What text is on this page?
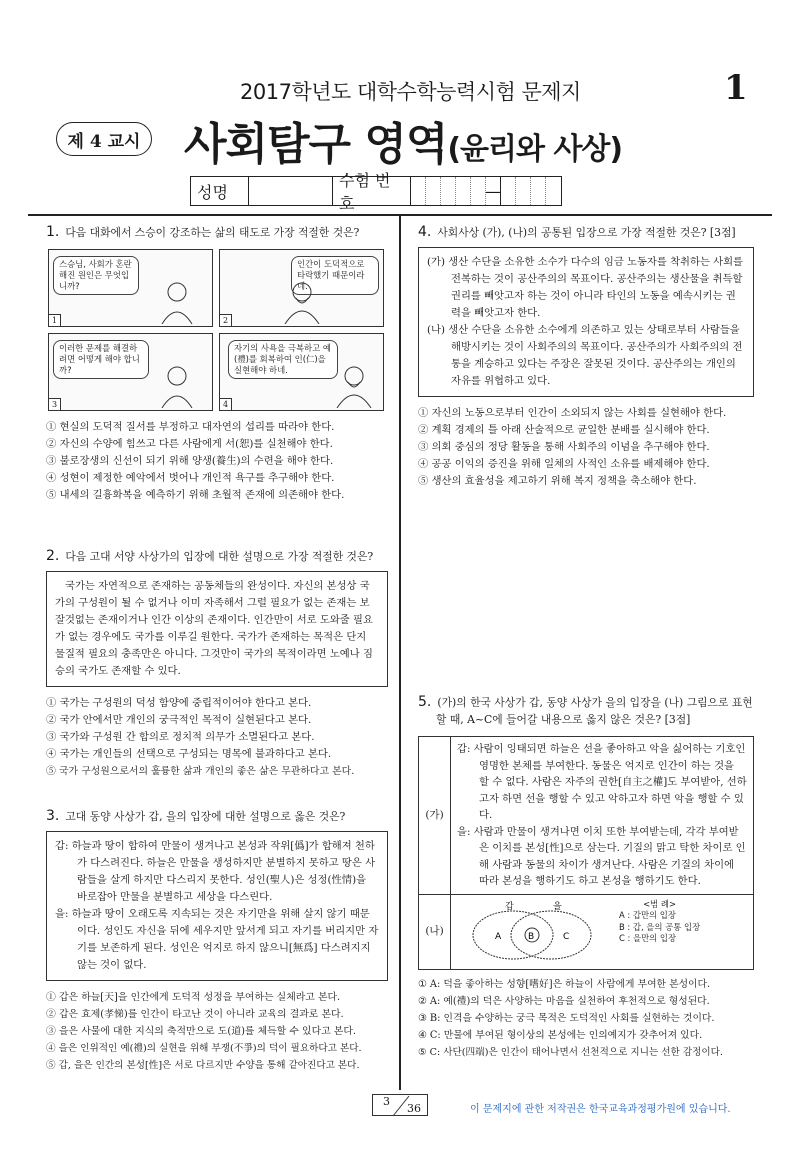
2017학년도 대학수학능력시험 문제지	1
제 4 교시 사회탐구 영역(윤리와 사상)
성명
수험 번호
—
1. 다음 대화에서 스승이 강조하는 삶의 태도로 가장 적절한 것은?
스승님, 사회가 혼란해진 원인은 무엇입니까?
1
인간이 도덕적으로 타락했기 때문이라네.
2
이러한 문제를 해결하려면 어떻게 해야 합니까?
3
자기의 사욕을 극복하고 예(禮)를 회복하여 인(仁)을 실현해야 하네.
4
① 현실의 도덕적 질서를 부정하고 대자연의 섭리를 따라야 한다.
② 자신의 수양에 힘쓰고 다른 사람에게 서(恕)를 실천해야 한다.
③ 불로장생의 신선이 되기 위해 양생(養生)의 수련을 해야 한다.
④ 성현이 제정한 예악에서 벗어나 개인적 욕구를 추구해야 한다.
⑤ 내세의 길흉화복을 예측하기 위해 초월적 존재에 의존해야 한다.
2. 다음 고대 서양 사상가의 입장에 대한 설명으로 가장 적절한 것은?
국가는 자연적으로 존재하는 공동체들의 완성이다. 자신의 본성상 국가의 구성원이 될 수 없거나 이미 자족해서 그럴 필요가 없는 존재는 보잘것없는 존재이거나 인간 이상의 존재이다. 인간만이 서로 도와줄 필요가 없는 경우에도 국가를 이루길 원한다. 국가가 존재하는 목적은 단지 물질적 필요의 충족만은 아니다. 그것만이 국가의 목적이라면 노예나 짐승의 국가도 존재할 수 있다.
① 국가는 구성원의 덕성 함양에 중립적이어야 한다고 본다.
② 국가 안에서만 개인의 궁극적인 목적이 실현된다고 본다.
③ 국가와 구성원 간 합의로 정치적 의무가 소멸된다고 본다.
④ 국가는 개인들의 선택으로 구성되는 명목에 불과하다고 본다.
⑤ 국가 구성원으로서의 훌륭한 삶과 개인의 좋은 삶은 무관하다고 본다.
3. 고대 동양 사상가 갑, 을의 입장에 대한 설명으로 옳은 것은?
갑: 하늘과 땅이 합하여 만물이 생겨나고 본성과 작위[僞]가 합해져 천하가 다스려진다. 하늘은 만물을 생성하지만 분별하지 못하고 땅은 사람들을 살게 하지만 다스리지 못한다. 성인(聖人)은 성정(性情)을 바로잡아 만물을 분별하고 세상을 다스린다.
을: 하늘과 땅이 오래도록 지속되는 것은 자기만을 위해 살지 않기 때문이다. 성인도 자신을 뒤에 세우지만 앞서게 되고 자기를 버리지만 자기를 보존하게 된다. 성인은 억지로 하지 않으니[無爲] 다스려지지 않는 것이 없다.
① 갑은 하늘[天]을 인간에게 도덕적 성정을 부여하는 실체라고 본다.
② 갑은 효제(孝悌)를 인간이 타고난 것이 아니라 교육의 결과로 본다.
③ 을은 사물에 대한 지식의 축적만으로 도(道)를 체득할 수 있다고 본다.
④ 을은 인위적인 예(禮)의 실현을 위해 부쟁(不爭)의 덕이 필요하다고 본다.
⑤ 갑, 을은 인간의 본성[性]은 서로 다르지만 수양을 통해 같아진다고 본다.
4. 사회사상 (가), (나)의 공통된 입장으로 가장 적절한 것은? [3점]
(가) 생산 수단을 소유한 소수가 다수의 임금 노동자를 착취하는 사회를 전복하는 것이 공산주의의 목표이다. 공산주의는 생산물을 취득할 권리를 빼앗고자 하는 것이 아니라 타인의 노동을 예속시키는 권력을 빼앗고자 한다.
(나) 생산 수단을 소유한 소수에게 의존하고 있는 상태로부터 사람들을 해방시키는 것이 사회주의의 목표이다. 공산주의가 사회주의의 전통을 계승하고 있다는 주장은 잘못된 것이다. 공산주의는 개인의 자유를 위협하고 있다.
① 자신의 노동으로부터 인간이 소외되지 않는 사회를 실현해야 한다.
② 계획 경제의 틀 아래 산술적으로 균일한 분배를 실시해야 한다.
③ 의회 중심의 정당 활동을 통해 사회주의 이념을 추구해야 한다.
④ 공공 이익의 증진을 위해 일체의 사적인 소유를 배제해야 한다.
⑤ 생산의 효율성을 제고하기 위해 복지 정책을 축소해야 한다.
5. (가)의 한국 사상가 갑, 동양 사상가 을의 입장을 (나) 그림으로 표현할 때, A~C에 들어갈 내용으로 옳지 않은 것은? [3점]
(가)
갑: 사람이 잉태되면 하늘은 선을 좋아하고 악을 싫어하는 기호인 영명한 본체를 부여한다. 동물은 억지로 인간이 하는 것을 할 수 없다. 사람은 자주의 권한[自主之權]도 부여받아, 선하고자 하면 선을 행할 수 있고 악하고자 하면 악을 행할 수 있다.
을: 사람과 만물이 생겨나면 이치 또한 부여받는데, 각각 부여받은 이치를 본성[性]으로 삼는다. 기질의 맑고 탁한 차이로 인해 사람과 동물의 차이가 생겨난다. 사람은 기질의 차이에 따라 본성을 행하기도 하고 본성을 행하기도 한다.
(나)
갑	을
A	B	C
<범 례>
A : 갑만의 입장
B : 갑, 을의 공통 입장
C : 을만의 입장
① A: 덕을 좋아하는 성향[嗜好]은 하늘이 사람에게 부여한 본성이다.
② A: 예(禮)의 덕은 사양하는 마음을 실천하여 후천적으로 형성된다.
③ B: 인격을 수양하는 궁극 목적은 도덕적인 사회를 실현하는 것이다.
④ C: 만물에 부여된 형이상의 본성에는 인의예지가 갖추어져 있다.
⑤ C: 사단(四端)은 인간이 태어나면서 선천적으로 지니는 선한 감정이다.
3
36	이 문제지에 관한 저작권은 한국교육과정평가원에 있습니다.
